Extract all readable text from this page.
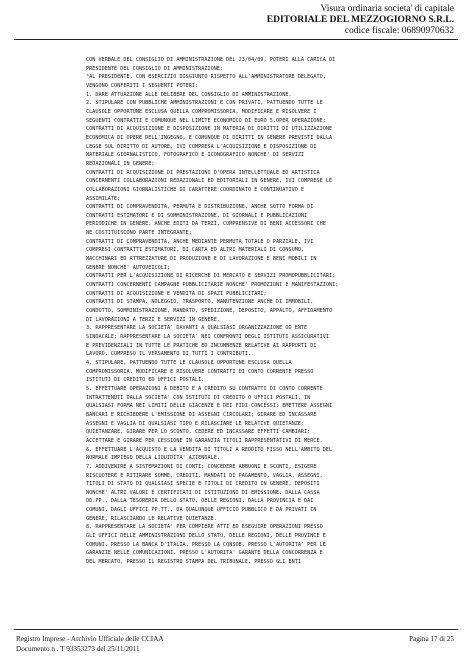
Visura ordinaria societa' di capitale
EDITORIALE DEL MEZZOGIORNO S.R.L.
codice fiscale: 06890970632
CON VERBALE DEL CONSIGLIO DI AMMINISTRAZIONE DEL 23/04/09, POTERI ALLA CARICA DI
PRESIDENTE DEL CONSIGLIO DI AMMINISTRAZIONE:
"AL PRESIDENTE, CON ESERCIZIO DISGIUNTO RISPETTO ALL'AMMINISTRATORE DELEGATO,
VENGONO CONFERITI I SEGUENTI POTERI:
1. DARE ATTUAZIONE ALLE DELIBERE DEL CONSIGLIO DI AMMINISTRAZIONE.
2. STIPULARE CON PUBBLICHE AMMINISTRAZIONI E CON PRIVATI, PATTUENDO TUTTE LE
CLAUSOLE OPPORTUNE ESCLUSA QUELLA COMPROMISSORIA, MODIFICARE E RISOLVERE I
SEGUENTI CONTRATTI E COMUNQUE NEL LIMITE ECONOMICO DI EURO 5.OPER OPERAZIONE:
CONTRATTI DI ACQUISIZIONE E DISPOSIZIONE IN MATERIA DI DIRITTI DI UTILIZZAZIONE
ECONOMICA DI OPERE DELL'INGEGNO, E COMUNQUE DI DIRITTI IN GENERE PREVISTI DALLA
LEGGE SUL DIRITTO DI AUTORE, IVI COMPRESA L'ACQUISIZIONE E DISPOSIZIONE DI
MATERIALE GIORNALISTICO, FOTOGRAFICO E ICONOGRAFICO NONCHE' DI SERVIZI
REDAZIONALI IN GENERE;
CONTRATTI DI ACQUISIZIONE DI PRESTAZIONI D'OPERA INTELLETTUALE ED ARTISTICA
CONCERNENTI COLLABORAZIONI REDAZIONALI ED EDITORIALI IN GENERE, IVI COMPRESE LE
COLLABORAZIONI GIORNALISTICHE DI CARATTERE COORDINATO E CONTINUATIVO E
ASSIMILATE;
CONTRATTI DI COMPRAVENDITA, PERMUTA E DISTRIBUZIONE, ANCHE SOTTO FORMA DI
CONTRATTI ESTIMATORI E DI SOMMINISTRAZIONE, DI GIORNALI E PUBBLICAZIONI
PERIODICHE IN GENERE, ANCHE EDITI DA TERZI, COMPRENSIVE DI BENI ACCESSORI CHE
NE COSTITUISCONO PARTE INTEGRANTE;
CONTRATTI DI COMPRAVENDITA, ANCHE MEDIANTE PERMUTA TOTALE O PARZIALE, IVI
COMPRESI CONTRATTI ESTIMATORI, DI CARTA ED ALTRI MATERIALI DI CONSUMO,
MACCHINARI ED ATTREZZATURE DI PRODUZIONE E DI LAVORAZIONE E BENI MOBILI IN
GENERE NONCHE' AUTOVEICOLI;
CONTRATTI PER L'ACQUISIZIONE DI RICERCHE DI MERCATO E SERVIZI PROMOPUBBLICITARI;
CONTRATTI CONCERNENTI CAMPAGNE PUBBLICITARIE NONCHE' PROMOZIONI E MANIFESTAZIONI;
CONTRATTI DI ACQUISIZIONE E VENDITA DI SPAZI PUBBLICITARI;
CONTRATTI DI STAMPA, NOLEGGIO, TRASPORTO, MANUTENZIONE ANCHE DI IMMOBILI,
CONDOTTO, SOMMINISTRAZIONE, MANDATO, SPEDIZIONE, DEPOSITO, APPALTO, AFFIDAMENTO
DI LAVORAZIONI A TERZI E SERVIZI IN GENERE.
3. RAPPRESENTARE LA SOCIETA' DAVANTI A QUALSIASI ORGANIZZAZIONE OD ENTE
SINDACALE; RAPPRESENTARE LA SOCIETA' NEI CONFRONTI DEGLI ISTITUTI ASSICURATIVI
E PREVIDENZIALI IN TUTTE LE PRATICHE ED INCOMBENZE RELATIVE AI RAPPORTI DI
LAVORO, COMPRESO IL VERSAMENTO DI TUTTI I CONTRIBUTI.
4. STIPULARE, PATTUENDO TUTTE LE CLAUSOLE OPPORTUNE ESCLUSA QUELLA
COMPROMISSORIA, MODIFICARE E RISOLVERE CONTRATTI DI CONTO CORRENTE PRESSO
ISTITUTI DI CREDITO ED UFFICI POSTALI.
5. EFFETTUARE OPERAZIONI A DEBITO E A CREDITO SU CONTRATTI DI CONTO CORRENTE
INTRATTENUTI DALLA SOCIETA' CON ISTITUTI DI CREDITO O UFFICI POSTALI, IN
QUALSIASI FORMA NEI LIMITI DELLE GIACENZE E DEI FIDI CONCESSI; EMETTERE ASSEGNI
BANCARI E RICHIEDERE L'EMISSIONE DI ASSEGNI CIRCOLARI; GIRARE ED INCASSARE
ASSEGNI E VAGLIA DI QUALSIASI TIPO E RILASCIARE LE RELATIVE QUIETANZE;
QUIETANZARE, GIRARE PER LO SCONTO, CEDERE ED INCASSARE EFFETTI CAMBIARI;
ACCETTARE E GIRARE PER CESSIONE IN GARANZIA TITOLI RAPPRESENTATIVI DI MERCE.
6. EFFETTUARE L'ACQUISTO E LA VENDITA DI TITOLI A REDDITO FISSO NELL'AMBITO DEL
NORMALE IMPIEGO DELLA LIQUIDITA' AZIENDALE.
7. ADDIVENIRE A SISTEMAZIONI DI CONTI; CONCEDERE ABBUONI E SCONTI, ESIGERE
RISCUOTERE E RITIRARE SOMME, CREDITI, MANDATI DI PAGAMENTO, VAGLIA, ASSEGNI,
TITOLI DI STATO DI QUALSIASI SPECIE E TITOLI DI CREDITO IN GENERE, DEPOSITI
NONCHE' ALTRI VALORI E CERTIFICATI DI ISTITUZIONI DI EMISSIONE, DALLA CASSA
DD.PP., DALLA TESORERIA DELLO STATO, DELLE REGIONI, DALLA PROVINCIA E DAI
COMUNI, DAGLI UFFICI PP.TT., DA QUALUNQUE UFFICIO PUBBLICO E DA PRIVATI IN
GENERE, RILASCIANDO LE RELATIVE QUIETANZE.
8. RAPPRESENTARE LA SOCIETA' PER COMPIERE ATTI ED ESEGUIRE OPERAZIONI PRESSO
GLI UFFICI DELLE AMMINISTRAZIONI DELLO STATO, DELLE REGIONI, DELLE PROVINCE E
COMUNI, PRESSO LA BANCA D'ITALIA, PRESSO LA CONSOB, PRESSO L'AUTORITA' PER LE
GARANZIE NELLE COMUNICAZIONI, PRESSO L'AUTORITA' GARANTE DELLA CONCORRENZA E
DEL MERCATO, PRESSO IL REGISTRO STAMPA DEL TRIBUNALE, PRESSO GLI ENTI
Registro Imprese - Archivio Ufficiale delle CCIAA
Documento n . T 93353273 del 25/11/2011
Pagina 17 di 25
